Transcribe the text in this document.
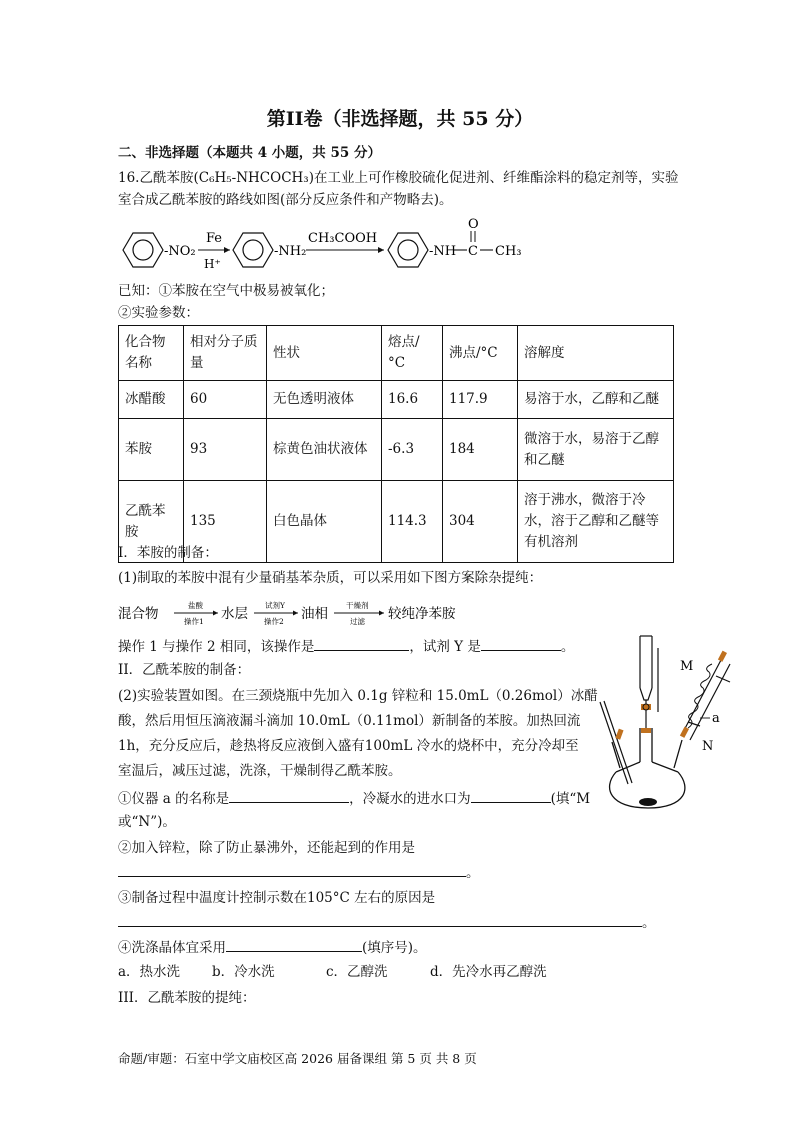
第II卷（非选择题，共 55 分）
二、非选择题（本题共 4 小题，共 55 分）
16.乙酰苯胺(C₆H₅-NHCOCH₃)在工业上可作橡胶硫化促进剂、纤维酯涂料的稳定剂等，实验
室合成乙酰苯胺的路线如图(部分反应条件和产物略去)。
-NO₂
Fe
H⁺
-NH₂
CH₃COOH
-NH C
O
CH₃
已知：①苯胺在空气中极易被氧化；
②实验参数：
化合物名称	相对分子质量	性状	熔点/°C	沸点/°C	溶解度
冰醋酸	60	无色透明液体	16.6	117.9	易溶于水，乙醇和乙醚
苯胺	93	棕黄色油状液体	-6.3	184	微溶于水，易溶于乙醇和乙醚
乙酰苯胺	135	白色晶体	114.3	304	溶于沸水，微溶于冷水，溶于乙醇和乙醚等有机溶剂
I．苯胺的制备：
(1)制取的苯胺中混有少量硝基苯杂质，可以采用如下图方案除杂提纯：
混合物
盐酸
操作1 水层
试剂Y
操作2 油相
干燥剂
过滤 较纯净苯胺
操作 1 与操作 2 相同，该操作是	，试剂 Y 是	。
II．乙酰苯胺的制备：
(2)实验装置如图。在三颈烧瓶中先加入 0.1g 锌粒和 15.0mL（0.26mol）冰醋
酸，然后用恒压滴液漏斗滴加 10.0mL（0.11mol）新制备的苯胺。加热回流
1h，充分反应后，趁热将反应液倒入盛有100mL 冷水的烧杯中，充分冷却至
室温后，减压过滤，洗涤，干燥制得乙酰苯胺。
①仪器 a 的名称是	，冷凝水的进水口为	(填“M
或“N”)。
②加入锌粒，除了防止暴沸外，还能起到的作用是
。
③制备过程中温度计控制示数在105°C 左右的原因是
。
④洗涤晶体宜采用	(填序号)。
a．热水洗 b．冷水洗	c．乙醇洗	d．先冷水再乙醇洗
III．乙酰苯胺的提纯：
M
a
N
命题/审题：石室中学文庙校区高 2026 届备课组 第 5 页 共 8 页
